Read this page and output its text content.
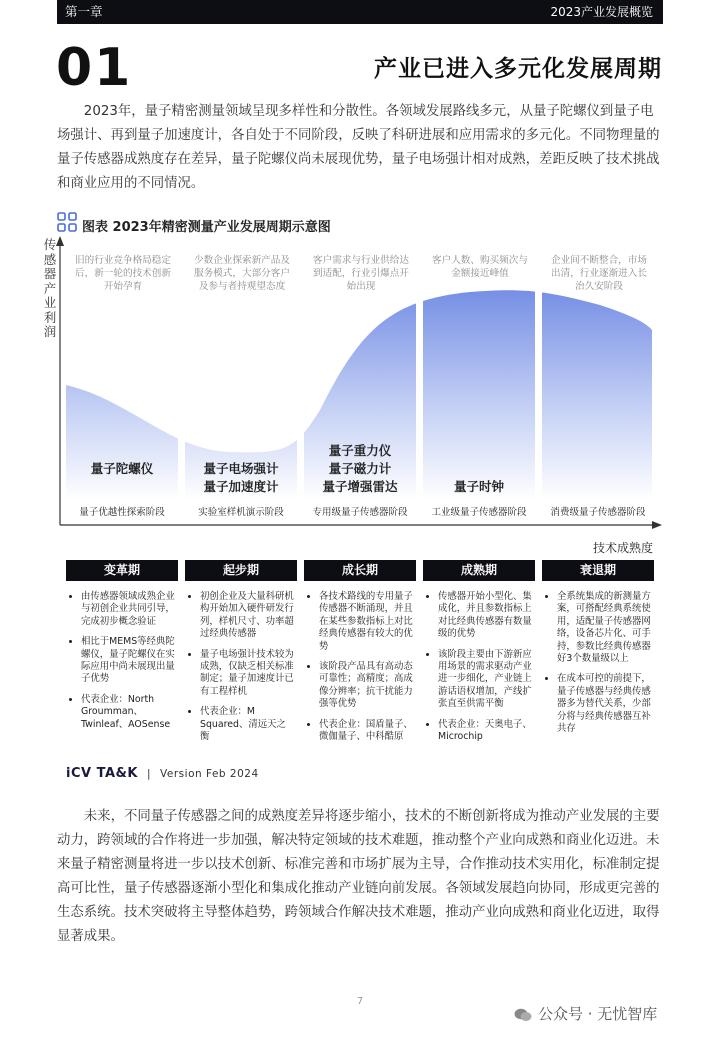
第一章	2023产业发展概览
01	产业已进入多元化发展周期

2023年，量子精密测量领域呈现多样性和分散性。各领域发展路线多元，从量子陀螺仪到量子电场强计、再到量子加速度计，各自处于不同阶段，反映了科研进展和应用需求的多元化。不同物理量的量子传感器成熟度存在差异，量子陀螺仪尚未展现优势，量子电场强计相对成熟，差距反映了技术挑战和商业应用的不同情况。

图表 2023年精密测量产业发展周期示意图
传感器产业利润
技术成熟度
旧的行业竞争格局稳定后，新一轮的技术创新开始孕育
少数企业探索新产品及服务模式，大部分客户及参与者持观望态度
客户需求与行业供给达到适配，行业引爆点开始出现
客户人数、购买频次与金额接近峰值
企业间不断整合，市场出清，行业逐渐进入长治久安阶段
量子陀螺仪	量子电场强计
量子加速度计
量子重力仪
量子磁力计
量子增强雷达	量子时钟
量子优越性探索阶段	实验室样机演示阶段	专用级量子传感器阶段	工业级量子传感器阶段	消费级量子传感器阶段
变革期	起步期	成长期	成熟期	衰退期
• 由传感器领域成熟企业与初创企业共同引导，完成初步概念验证
• 相比于MEMS等经典陀螺仪，量子陀螺仪在实际应用中尚未展现出量子优势
• 代表企业：North Groumman、Twinleaf、AOSense
• 初创企业及大量科研机构开始加入硬件研发行列，样机尺寸、功率超过经典传感器
• 量子电场强计技术较为成熟，仅缺乏相关标准制定；量子加速度计已有工程样机
• 代表企业：M Squared、清远天之衡
• 各技术路线的专用量子传感器不断涌现，并且在某些参数指标上对比经典传感器有较大的优势
• 该阶段产品具有高动态可靠性；高精度；高成像分辨率；抗干扰能力强等优势
• 代表企业：国盾量子、微伽量子、中科酷原
• 传感器开始小型化、集成化，并且参数指标上对比经典传感器有数量级的优势
• 该阶段主要由下游新应用场景的需求驱动产业进一步细化，产业链上游话语权增加，产线扩张直至供需平衡
• 代表企业：天奥电子、Microchip
• 全系统集成的新测量方案，可搭配经典系统使用，适配量子传感器网络，设备芯片化、可手持，参数比经典传感器好3个数量级以上
• 在成本可控的前提下，量子传感器与经典传感器多为替代关系，少部分将与经典传感器互补共存
iCV TA&K | Version Feb 2024

未来，不同量子传感器之间的成熟度差异将逐步缩小，技术的不断创新将成为推动产业发展的主要动力，跨领域的合作将进一步加强，解决特定领域的技术难题，推动整个产业向成熟和商业化迈进。未来量子精密测量将进一步以技术创新、标准完善和市场扩展为主导，合作推动技术实用化，标准制定提高可比性，量子传感器逐渐小型化和集成化推动产业链向前发展。各领域发展趋向协同，形成更完善的生态系统。技术突破将主导整体趋势，跨领域合作解决技术难题，推动产业向成熟和商业化迈进，取得显著成果。

7
公众号 · 无忧智库
